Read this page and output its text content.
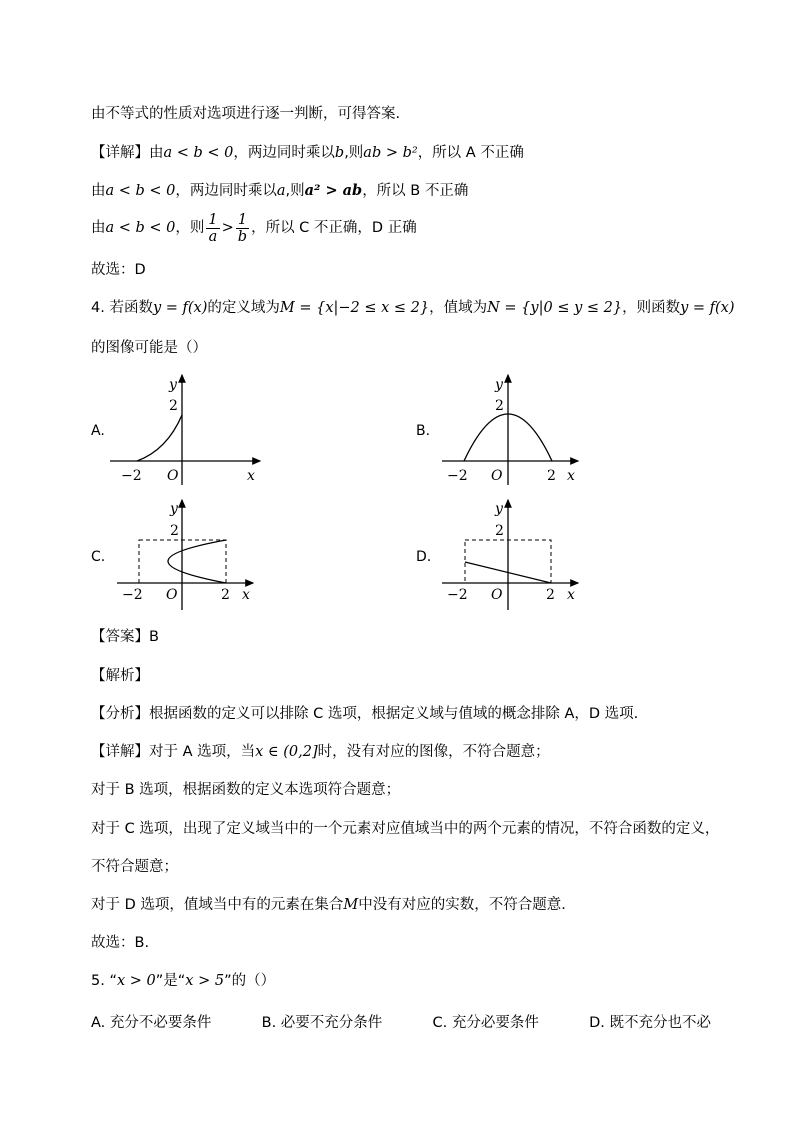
由不等式的性质对选项进行逐一判断，可得答案.
【详解】由a < b < 0，两边同时乘以b,则ab > b²，所以 A 不正确
由a < b < 0，两边同时乘以a,则a² > ab，所以 B 不正确
由a < b < 0，则 $\frac{1}{a} > \frac{1}{b}$ ，所以 C 不正确，D 正确
故选：D
4. 若函数y = f(x)的定义域为M = {x|−2 ≤ x ≤ 2}，值域为N = {y|0 ≤ y ≤ 2}，则函数y = f(x)
的图像可能是（）
A.
y
2
−2 O	x
B.
y
2
−2 O	2 x
C.
y
2
−2 O	2 x
D.
y
2
−2 O	2 x
【答案】B
【解析】
【分析】根据函数的定义可以排除 C 选项，根据定义域与值域的概念排除 A，D 选项.
【详解】对于 A 选项，当x ∈ (0,2]时，没有对应的图像，不符合题意；
对于 B 选项，根据函数的定义本选项符合题意；
对于 C 选项，出现了定义域当中的一个元素对应值域当中的两个元素的情况，不符合函数的定义，
不符合题意；
对于 D 选项，值域当中有的元素在集合M中没有对应的实数，不符合题意.
故选：B.
5. “x > 0”是“x > 5”的（）
A. 充分不必要条件	B. 必要不充分条件	C. 充分必要条件	D. 既不充分也不必
